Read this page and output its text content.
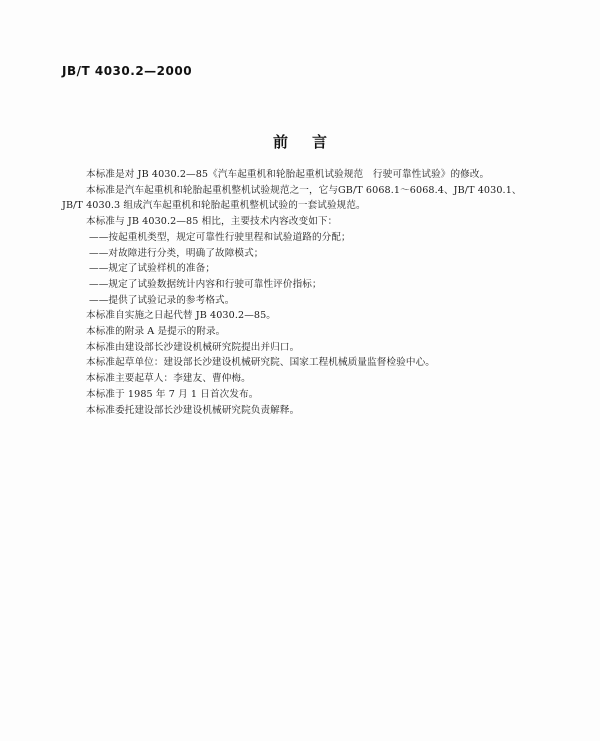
JB/T 4030.2—2000
前言
本标准是对 JB 4030.2—85《汽车起重机和轮胎起重机试验规范　行驶可靠性试验》的修改。
本标准是汽车起重机和轮胎起重机整机试验规范之一，它与GB/T 6068.1～6068.4、JB/T 4030.1、
JB/T 4030.3 组成汽车起重机和轮胎起重机整机试验的一套试验规范。
本标准与 JB 4030.2—85 相比，主要技术内容改变如下：
——按起重机类型，规定可靠性行驶里程和试验道路的分配；
——对故障进行分类，明确了故障模式；
——规定了试验样机的准备；
——规定了试验数据统计内容和行驶可靠性评价指标；
——提供了试验记录的参考格式。
本标准自实施之日起代替 JB 4030.2—85。
本标准的附录 A 是提示的附录。
本标准由建设部长沙建设机械研究院提出并归口。
本标准起草单位：建设部长沙建设机械研究院、国家工程机械质量监督检验中心。
本标准主要起草人：李建友、曹仲梅。
本标准于 1985 年 7 月 1 日首次发布。
本标准委托建设部长沙建设机械研究院负责解释。
